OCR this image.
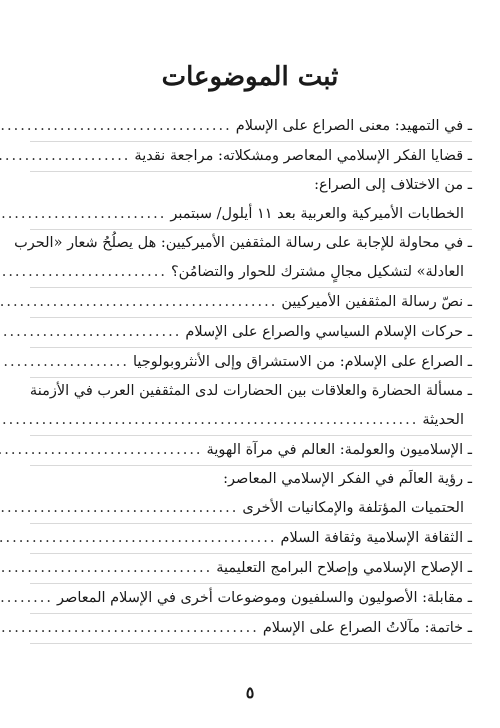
ثبت الموضوعات
ـ في التمهيد: معنى الصراع على الإسلام
.....
ـ قضايا الفكر الإسلامي المعاصر ومشكلاته: مراجعة نقدية
.....
ـ من الاختلاف إلى الصراع:
الخطابات الأميركية والعربية بعد ١١ أيلول/ سبتمبر
.....
ـ في محاولة للإجابة على رسالة المثقفين الأميركيين: هل يصلُحُ شعار «الحرب
العادلة» لتشكيل مجالٍ مشترك للحوار والتضامُن؟
.....
ـ نصّ رسالة المثقفين الأميركيين
.....
ـ حركات الإسلام السياسي والصراع على الإسلام
.....
ـ الصراع على الإسلام: من الاستشراق وإلى الأنثروبولوجيا
.....
ـ مسألة الحضارة والعلاقات بين الحضارات لدى المثقفين العرب في الأزمنة
الحديثة
.....
ـ الإسلاميون والعولمة: العالم في مرآة الهوية
.....
ـ رؤية العالَم في الفكر الإسلامي المعاصر:
الحتميات المؤتلفة والإمكانيات الأخرى
.....
ـ الثقافة الإسلامية وثقافة السلام
.....
ـ الإصلاح الإسلامي وإصلاح البرامج التعليمية
.....
ـ مقابلة: الأصوليون والسلفيون وموضوعات أخرى في الإسلام المعاصر
.....
ـ خاتمة: مآلاتُ الصراع على الإسلام
.....
٥
